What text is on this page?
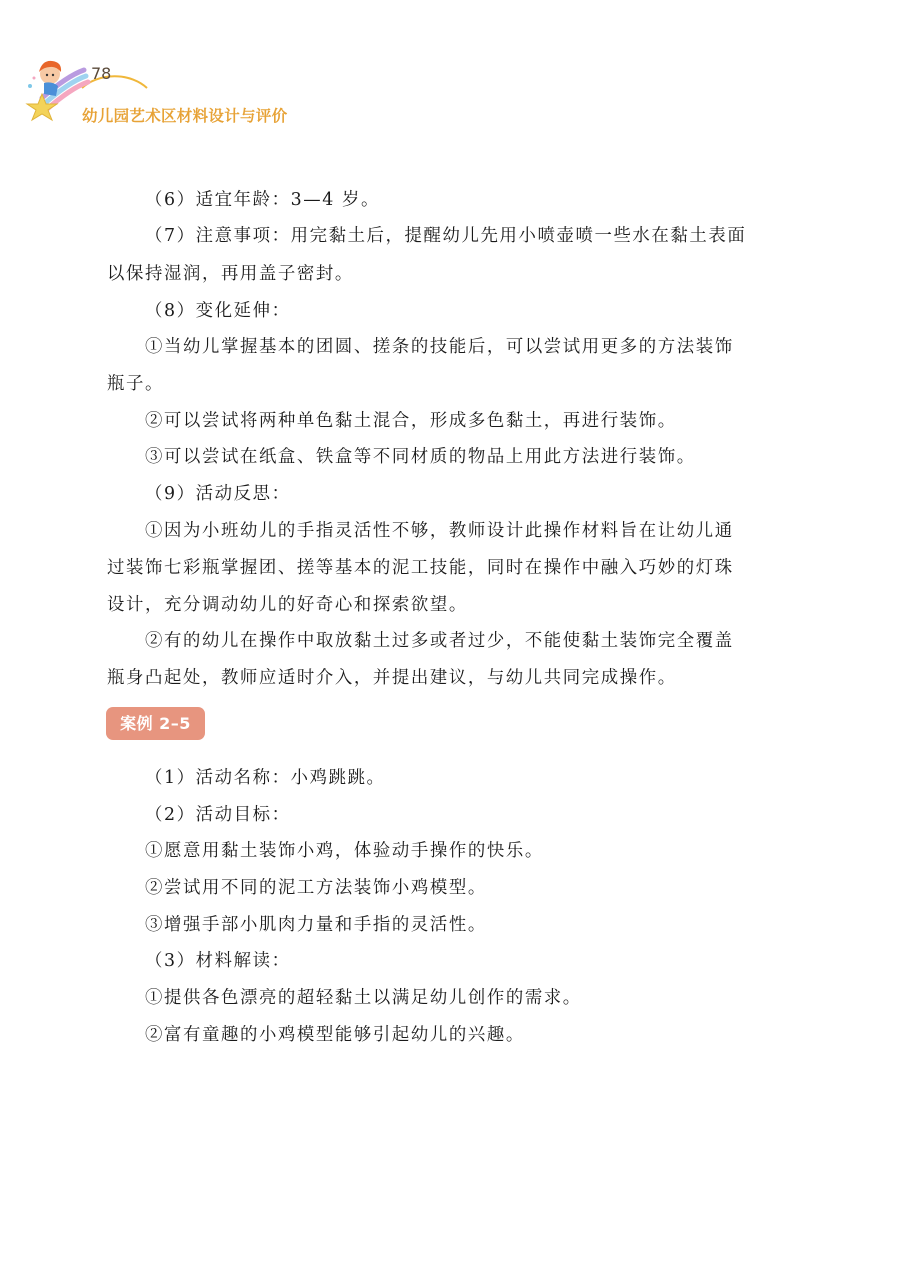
78
幼儿园艺术区材料设计与评价
（6）适宜年龄：3—4 岁。
（7）注意事项：用完黏土后，提醒幼儿先用小喷壶喷一些水在黏土表面
以保持湿润，再用盖子密封。
（8）变化延伸：
①当幼儿掌握基本的团圆、搓条的技能后，可以尝试用更多的方法装饰
瓶子。
②可以尝试将两种单色黏土混合，形成多色黏土，再进行装饰。
③可以尝试在纸盒、铁盒等不同材质的物品上用此方法进行装饰。
（9）活动反思：
①因为小班幼儿的手指灵活性不够，教师设计此操作材料旨在让幼儿通
过装饰七彩瓶掌握团、搓等基本的泥工技能，同时在操作中融入巧妙的灯珠
设计，充分调动幼儿的好奇心和探索欲望。
②有的幼儿在操作中取放黏土过多或者过少，不能使黏土装饰完全覆盖
瓶身凸起处，教师应适时介入，并提出建议，与幼儿共同完成操作。
案例 2–5
（1）活动名称：小鸡跳跳。
（2）活动目标：
①愿意用黏土装饰小鸡，体验动手操作的快乐。
②尝试用不同的泥工方法装饰小鸡模型。
③增强手部小肌肉力量和手指的灵活性。
（3）材料解读：
①提供各色漂亮的超轻黏土以满足幼儿创作的需求。
②富有童趣的小鸡模型能够引起幼儿的兴趣。
